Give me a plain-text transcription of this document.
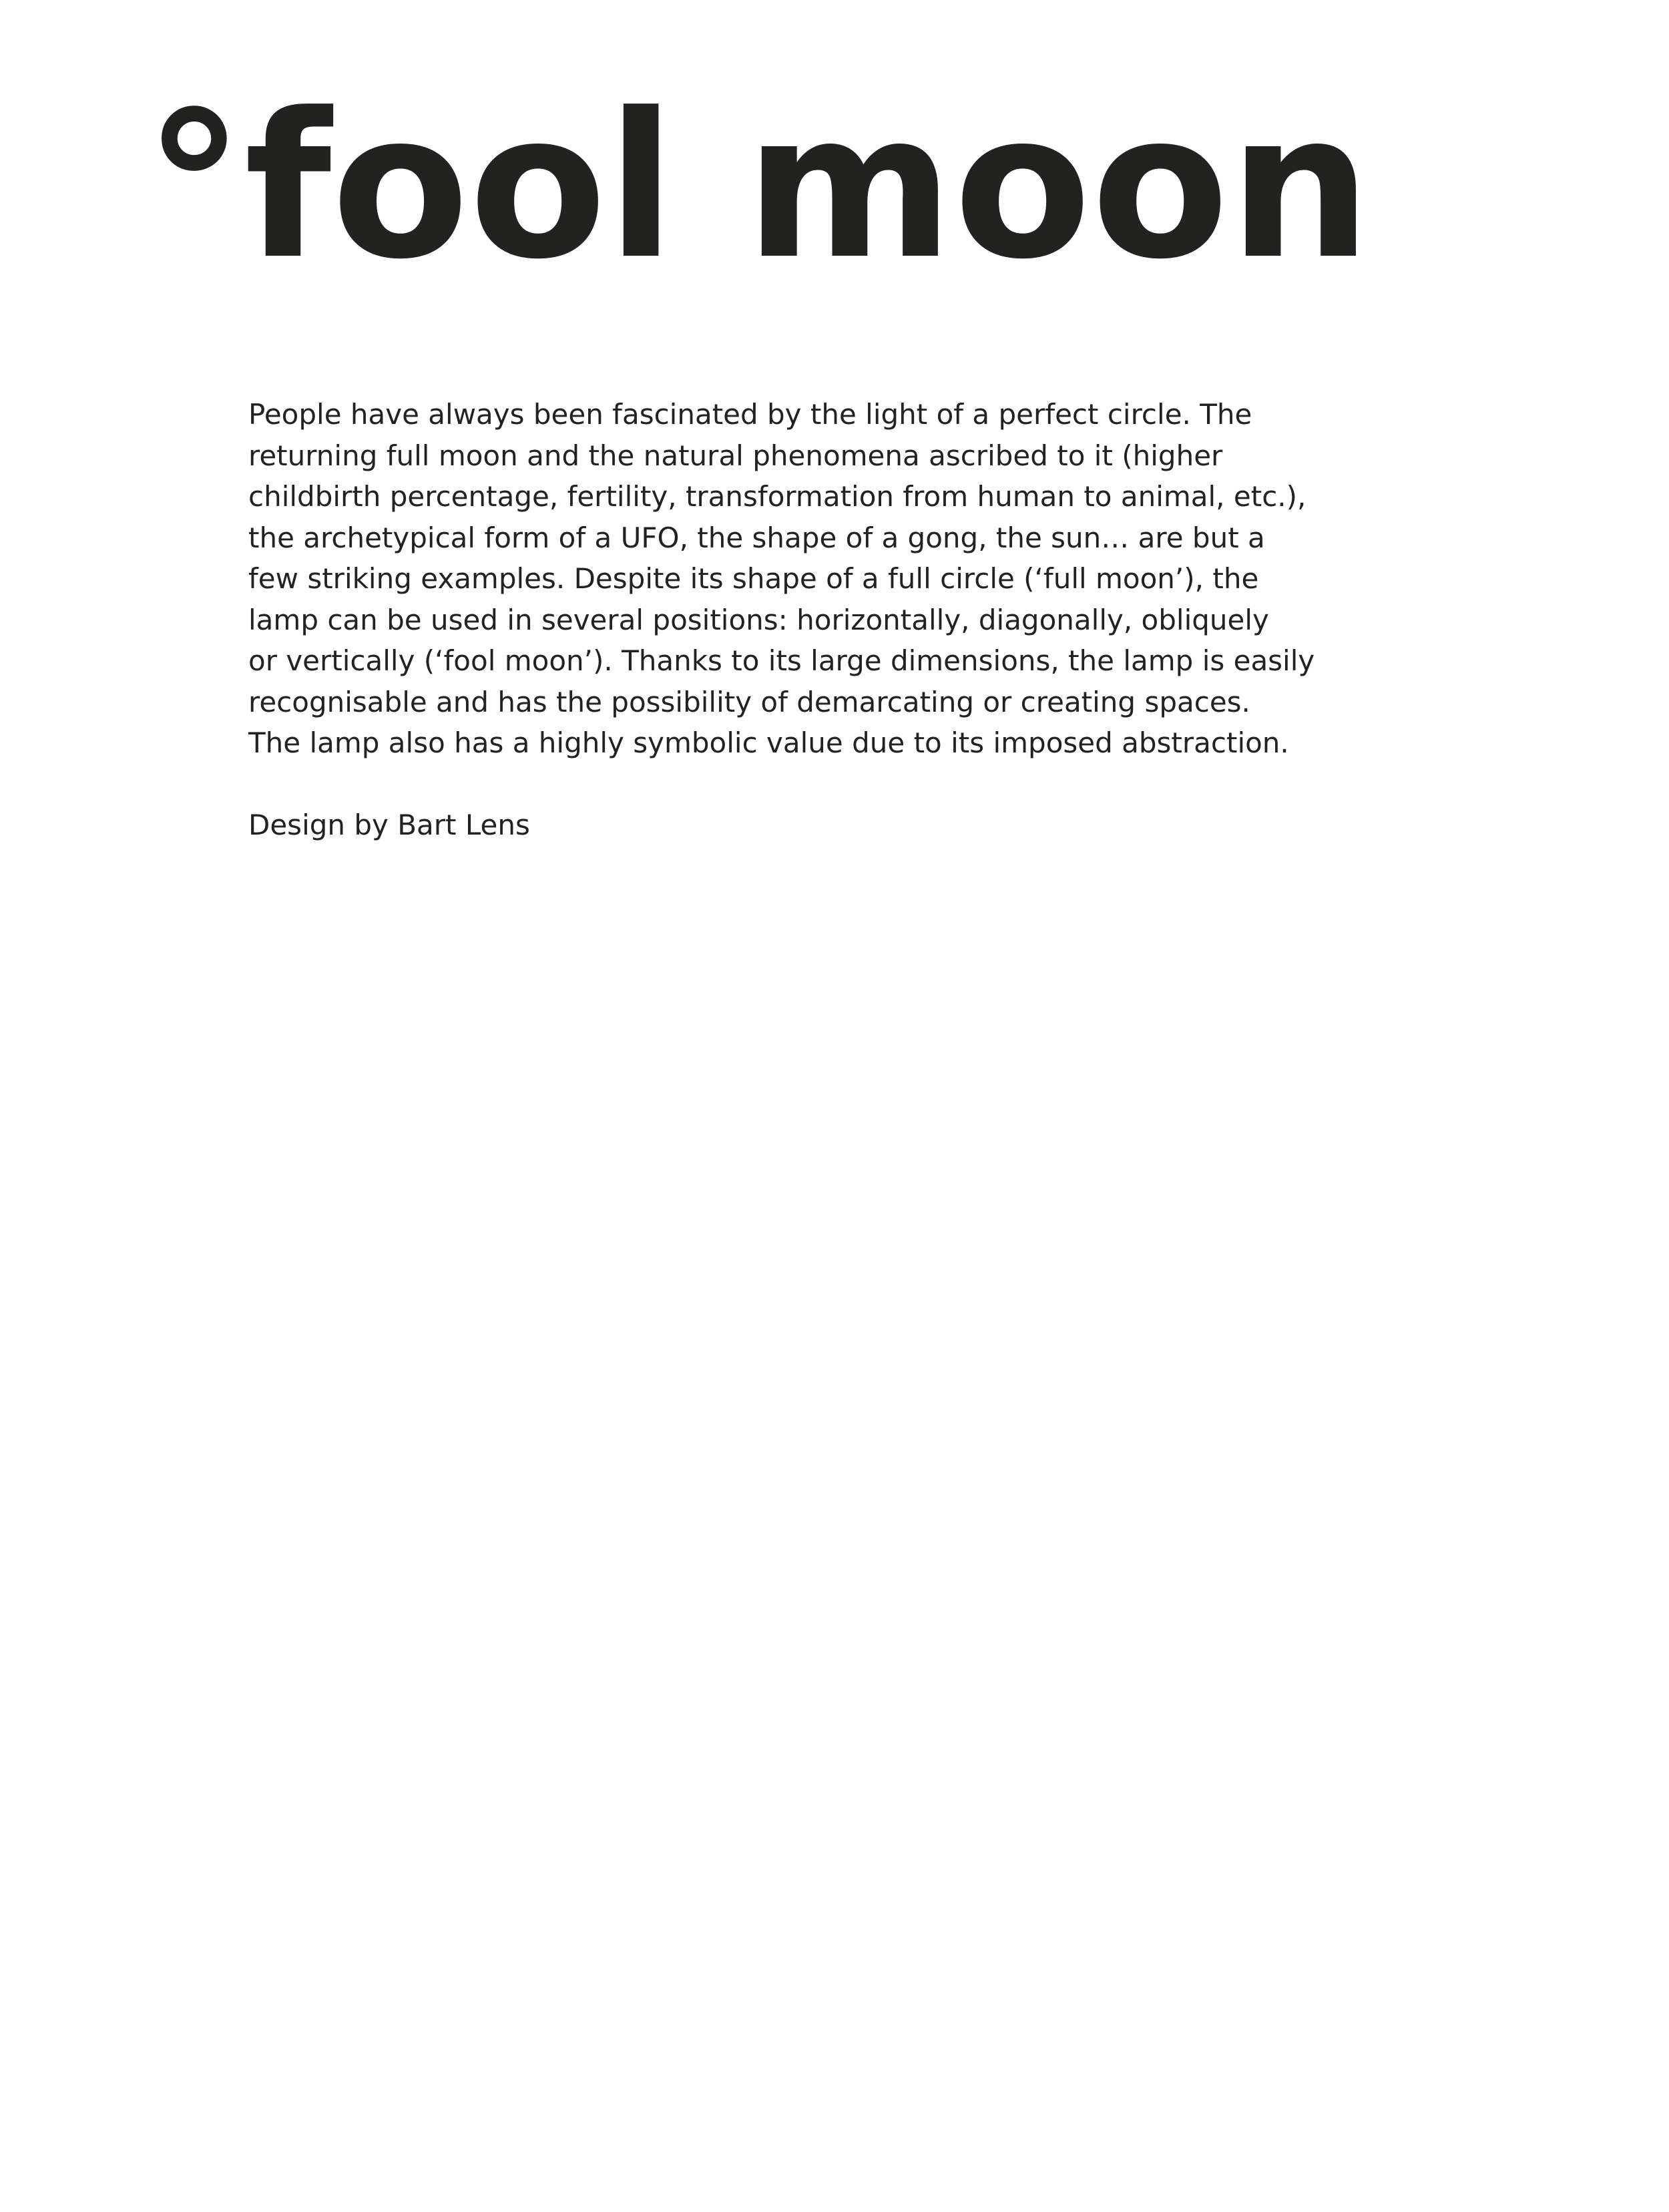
°fool moon
People have always been fascinated by the light of a perfect circle. The
returning full moon and the natural phenomena ascribed to it (higher
childbirth percentage, fertility, transformation from human to animal, etc.),
the archetypical form of a UFO, the shape of a gong, the sun… are but a
few striking examples. Despite its shape of a full circle (‘full moon’), the
lamp can be used in several positions: horizontally, diagonally, obliquely
or vertically (‘fool moon’). Thanks to its large dimensions, the lamp is easily
recognisable and has the possibility of demarcating or creating spaces.
The lamp also has a highly symbolic value due to its imposed abstraction.
Design by Bart Lens
